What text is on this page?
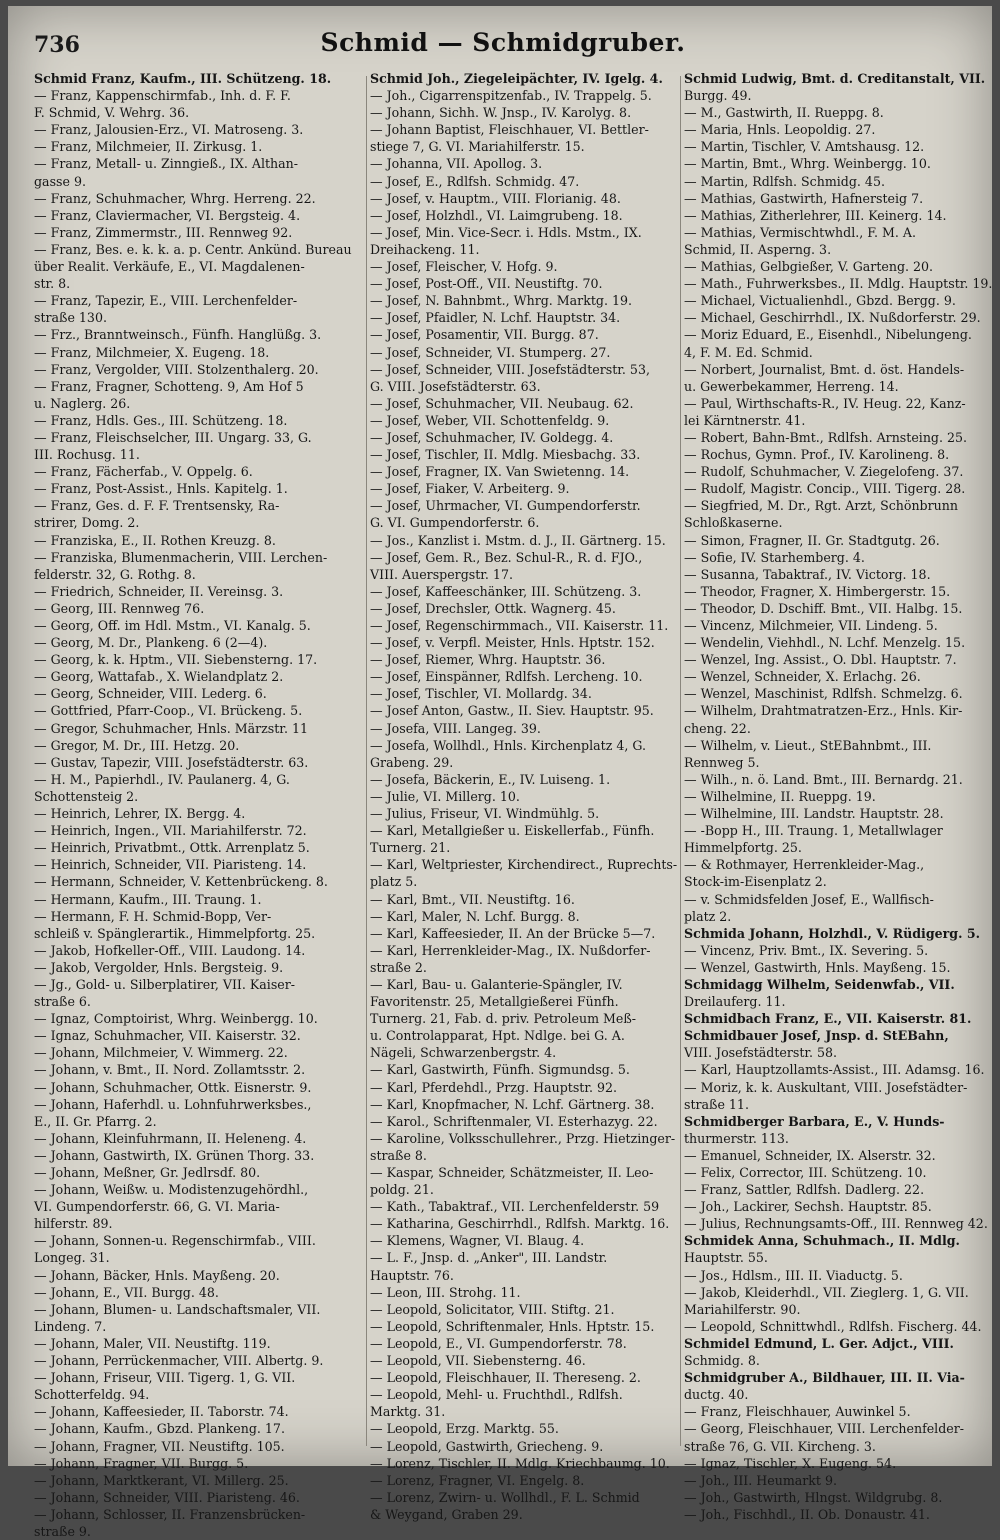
736	Schmid — Schmidgruber.

Schmid Franz, Kaufm., III. Schützeng. 18.

— Franz, Kappenschirmfab., Inh. d. F. F.

F. Schmid, V. Wehrg. 36.

— Franz, Jalousien-Erz., VI. Matroseng. 3.

— Franz, Milchmeier, II. Zirkusg. 1.

— Franz, Metall- u. Zinngieß., IX. Althan-

gasse 9.

— Franz, Schuhmacher, Whrg. Herreng. 22.

— Franz, Claviermacher, VI. Bergsteig. 4.

— Franz, Zimmermstr., III. Rennweg 92.

— Franz, Bes. e. k. k. a. p. Centr. Ankünd. Bureau

über Realit. Verkäufe, E., VI. Magdalenen-

str. 8.

— Franz, Tapezir, E., VIII. Lerchenfelder-

straße 130.

— Frz., Branntweinsch., Fünfh. Hanglüßg. 3.

— Franz, Milchmeier, X. Eugeng. 18.

— Franz, Vergolder, VIII. Stolzenthalerg. 20.

— Franz, Fragner, Schotteng. 9, Am Hof 5

u. Naglerg. 26.

— Franz, Hdls. Ges., III. Schützeng. 18.

— Franz, Fleischselcher, III. Ungarg. 33, G.

III. Rochusg. 11.

— Franz, Fächerfab., V. Oppelg. 6.

— Franz, Post-Assist., Hnls. Kapitelg. 1.

— Franz, Ges. d. F. F. Trentsensky, Ra-

strirer, Domg. 2.

— Franziska, E., II. Rothen Kreuzg. 8.

— Franziska, Blumenmacherin, VIII. Lerchen-

felderstr. 32, G. Rothg. 8.

— Friedrich, Schneider, II. Vereinsg. 3.

— Georg, III. Rennweg 76.

— Georg, Off. im Hdl. Mstm., VI. Kanalg. 5.

— Georg, M. Dr., Plankeng. 6 (2—4).

— Georg, k. k. Hptm., VII. Siebensterng. 17.

— Georg, Wattafab., X. Wielandplatz 2.

— Georg, Schneider, VIII. Lederg. 6.

— Gottfried, Pfarr-Coop., VI. Brückeng. 5.

— Gregor, Schuhmacher, Hnls. Märzstr. 11

— Gregor, M. Dr., III. Hetzg. 20.

— Gustav, Tapezir, VIII. Josefstädterstr. 63.

— H. M., Papierhdl., IV. Paulanerg. 4, G.

Schottensteig 2.

— Heinrich, Lehrer, IX. Bergg. 4.

— Heinrich, Ingen., VII. Mariahilferstr. 72.

— Heinrich, Privatbmt., Ottk. Arrenplatz 5.

— Heinrich, Schneider, VII. Piaristeng. 14.

— Hermann, Schneider, V. Kettenbrückeng. 8.

— Hermann, Kaufm., III. Traung. 1.

— Hermann, F. H. Schmid-Bopp, Ver-

schleiß v. Spänglerartik., Himmelpfortg. 25.

— Jakob, Hofkeller-Off., VIII. Laudong. 14.

— Jakob, Vergolder, Hnls. Bergsteig. 9.

— Jg., Gold- u. Silberplatirer, VII. Kaiser-

straße 6.

— Ignaz, Comptoirist, Whrg. Weinbergg. 10.

— Ignaz, Schuhmacher, VII. Kaiserstr. 32.

— Johann, Milchmeier, V. Wimmerg. 22.

— Johann, v. Bmt., II. Nord. Zollamtsstr. 2.

— Johann, Schuhmacher, Ottk. Eisnerstr. 9.

— Johann, Haferhdl. u. Lohnfuhrwerksbes.,

E., II. Gr. Pfarrg. 2.

— Johann, Kleinfuhrmann, II. Heleneng. 4.

— Johann, Gastwirth, IX. Grünen Thorg. 33.

— Johann, Meßner, Gr. Jedlrsdf. 80.

— Johann, Weißw. u. Modistenzugehördhl.,

VI. Gumpendorferstr. 66, G. VI. Maria-

hilferstr. 89.

— Johann, Sonnen-u. Regenschirmfab., VIII.

Longeg. 31.

— Johann, Bäcker, Hnls. Mayßeng. 20.

— Johann, E., VII. Burgg. 48.

— Johann, Blumen- u. Landschaftsmaler, VII.

Lindeng. 7.

— Johann, Maler, VII. Neustiftg. 119.

— Johann, Perrückenmacher, VIII. Albertg. 9.

— Johann, Friseur, VIII. Tigerg. 1, G. VII.

Schotterfeldg. 94.

— Johann, Kaffeesieder, II. Taborstr. 74.

— Johann, Kaufm., Gbzd. Plankeng. 17.

— Johann, Fragner, VII. Neustiftg. 105.

— Johann, Fragner, VII. Burgg. 5.

— Johann, Marktkerant, VI. Millerg. 25.

— Johann, Schneider, VIII. Piaristeng. 46.

— Johann, Schlosser, II. Franzensbrücken-

straße 9.

Schmid Joh., Ziegeleipächter, IV. Igelg. 4.

— Joh., Cigarrenspitzenfab., IV. Trappelg. 5.

— Johann, Sichh. W. Jnsp., IV. Karolyg. 8.

— Johann Baptist, Fleischhauer, VI. Bettler-

stiege 7, G. VI. Mariahilferstr. 15.

— Johanna, VII. Apollog. 3.

— Josef, E., Rdlfsh. Schmidg. 47.

— Josef, v. Hauptm., VIII. Florianig. 48.

— Josef, Holzhdl., VI. Laimgrubeng. 18.

— Josef, Min. Vice-Secr. i. Hdls. Mstm., IX.

Dreihackeng. 11.

— Josef, Fleischer, V. Hofg. 9.

— Josef, Post-Off., VII. Neustiftg. 70.

— Josef, N. Bahnbmt., Whrg. Marktg. 19.

— Josef, Pfaidler, N. Lchf. Hauptstr. 34.

— Josef, Posamentir, VII. Burgg. 87.

— Josef, Schneider, VI. Stumperg. 27.

— Josef, Schneider, VIII. Josefstädterstr. 53,

G. VIII. Josefstädterstr. 63.

— Josef, Schuhmacher, VII. Neubaug. 62.

— Josef, Weber, VII. Schottenfeldg. 9.

— Josef, Schuhmacher, IV. Goldegg. 4.

— Josef, Tischler, II. Mdlg. Miesbachg. 33.

— Josef, Fragner, IX. Van Swietenng. 14.

— Josef, Fiaker, V. Arbeiterg. 9.

— Josef, Uhrmacher, VI. Gumpendorferstr.

G. VI. Gumpendorferstr. 6.

— Jos., Kanzlist i. Mstm. d. J., II. Gärtnerg. 15.

— Josef, Gem. R., Bez. Schul-R., R. d. FJO.,

VIII. Auerspergstr. 17.

— Josef, Kaffeeschänker, III. Schützeng. 3.

— Josef, Drechsler, Ottk. Wagnerg. 45.

— Josef, Regenschirmmach., VII. Kaiserstr. 11.

— Josef, v. Verpfl. Meister, Hnls. Hptstr. 152.

— Josef, Riemer, Whrg. Hauptstr. 36.

— Josef, Einspänner, Rdlfsh. Lercheng. 10.

— Josef, Tischler, VI. Mollardg. 34.

— Josef Anton, Gastw., II. Siev. Hauptstr. 95.

— Josefa, VIII. Langeg. 39.

— Josefa, Wollhdl., Hnls. Kirchenplatz 4, G.

Grabeng. 29.

— Josefa, Bäckerin, E., IV. Luiseng. 1.

— Julie, VI. Millerg. 10.

— Julius, Friseur, VI. Windmühlg. 5.

— Karl, Metallgießer u. Eiskellerfab., Fünfh.

Turnerg. 21.

— Karl, Weltpriester, Kirchendirect., Ruprechts-

platz 5.

— Karl, Bmt., VII. Neustiftg. 16.

— Karl, Maler, N. Lchf. Burgg. 8.

— Karl, Kaffeesieder, II. An der Brücke 5—7.

— Karl, Herrenkleider-Mag., IX. Nußdorfer-

straße 2.

— Karl, Bau- u. Galanterie-Spängler, IV.

Favoritenstr. 25, Metallgießerei Fünfh.

Turnerg. 21, Fab. d. priv. Petroleum Meß-

u. Controlapparat, Hpt. Ndlge. bei G. A.

Nägeli, Schwarzenbergstr. 4.

— Karl, Gastwirth, Fünfh. Sigmundsg. 5.

— Karl, Pferdehdl., Przg. Hauptstr. 92.

— Karl, Knopfmacher, N. Lchf. Gärtnerg. 38.

— Karol., Schriftenmaler, VI. Esterhazyg. 22.

— Karoline, Volksschullehrer., Przg. Hietzinger-

straße 8.

— Kaspar, Schneider, Schätzmeister, II. Leo-

poldg. 21.

— Kath., Tabaktraf., VII. Lerchenfelderstr. 59

— Katharina, Geschirrhdl., Rdlfsh. Marktg. 16.

— Klemens, Wagner, VI. Blaug. 4.

— L. F., Jnsp. d. „Anker", III. Landstr.

Hauptstr. 76.

— Leon, III. Strohg. 11.

— Leopold, Solicitator, VIII. Stiftg. 21.

— Leopold, Schriftenmaler, Hnls. Hptstr. 15.

— Leopold, E., VI. Gumpendorferstr. 78.

— Leopold, VII. Siebensterng. 46.

— Leopold, Fleischhauer, II. Thereseng. 2.

— Leopold, Mehl- u. Fruchthdl., Rdlfsh.

Marktg. 31.

— Leopold, Erzg. Marktg. 55.

— Leopold, Gastwirth, Griecheng. 9.

— Lorenz, Tischler, II. Mdlg. Kriechbaumg. 10.

— Lorenz, Fragner, VI. Engelg. 8.

— Lorenz, Zwirn- u. Wollhdl., F. L. Schmid

& Weygand, Graben 29.

Schmid Ludwig, Bmt. d. Creditanstalt, VII.

Burgg. 49.

— M., Gastwirth, II. Rueppg. 8.

— Maria, Hnls. Leopoldig. 27.

— Martin, Tischler, V. Amtshausg. 12.

— Martin, Bmt., Whrg. Weinbergg. 10.

— Martin, Rdlfsh. Schmidg. 45.

— Mathias, Gastwirth, Hafnersteig 7.

— Mathias, Zitherlehrer, III. Keinerg. 14.

— Mathias, Vermischtwhdl., F. M. A.

Schmid, II. Asperng. 3.

— Mathias, Gelbgießer, V. Garteng. 20.

— Math., Fuhrwerksbes., II. Mdlg. Hauptstr. 19.

— Michael, Victualienhdl., Gbzd. Bergg. 9.

— Michael, Geschirrhdl., IX. Nußdorferstr. 29.

— Moriz Eduard, E., Eisenhdl., Nibelungeng.

4, F. M. Ed. Schmid.

— Norbert, Journalist, Bmt. d. öst. Handels-

u. Gewerbekammer, Herreng. 14.

— Paul, Wirthschafts-R., IV. Heug. 22, Kanz-

lei Kärntnerstr. 41.

— Robert, Bahn-Bmt., Rdlfsh. Arnsteing. 25.

— Rochus, Gymn. Prof., IV. Karolineng. 8.

— Rudolf, Schuhmacher, V. Ziegelofeng. 37.

— Rudolf, Magistr. Concip., VIII. Tigerg. 28.

— Siegfried, M. Dr., Rgt. Arzt, Schönbrunn

Schloßkaserne.

— Simon, Fragner, II. Gr. Stadtgutg. 26.

— Sofie, IV. Starhemberg. 4.

— Susanna, Tabaktraf., IV. Victorg. 18.

— Theodor, Fragner, X. Himbergerstr. 15.

— Theodor, D. Dschiff. Bmt., VII. Halbg. 15.

— Vincenz, Milchmeier, VII. Lindeng. 5.

— Wendelin, Viehhdl., N. Lchf. Menzelg. 15.

— Wenzel, Ing. Assist., O. Dbl. Hauptstr. 7.

— Wenzel, Schneider, X. Erlachg. 26.

— Wenzel, Maschinist, Rdlfsh. Schmelzg. 6.

— Wilhelm, Drahtmatratzen-Erz., Hnls. Kir-

cheng. 22.

— Wilhelm, v. Lieut., StEBahnbmt., III.

Rennweg 5.

— Wilh., n. ö. Land. Bmt., III. Bernardg. 21.

— Wilhelmine, II. Rueppg. 19.

— Wilhelmine, III. Landstr. Hauptstr. 28.

— -Bopp H., III. Traung. 1, Metallwlager

Himmelpfortg. 25.

— & Rothmayer, Herrenkleider-Mag.,

Stock-im-Eisenplatz 2.

— v. Schmidsfelden Josef, E., Wallfisch-

platz 2.

Schmida Johann, Holzhdl., V. Rüdigerg. 5.

— Vincenz, Priv. Bmt., IX. Severing. 5.

— Wenzel, Gastwirth, Hnls. Mayßeng. 15.

Schmidagg Wilhelm, Seidenwfab., VII.

Dreilauferg. 11.

Schmidbach Franz, E., VII. Kaiserstr. 81.

Schmidbauer Josef, Jnsp. d. StEBahn,

VIII. Josefstädterstr. 58.

— Karl, Hauptzollamts-Assist., III. Adamsg. 16.

— Moriz, k. k. Auskultant, VIII. Josefstädter-

straße 11.

Schmidberger Barbara, E., V. Hunds-

thurmerstr. 113.

— Emanuel, Schneider, IX. Alserstr. 32.

— Felix, Corrector, III. Schützeng. 10.

— Franz, Sattler, Rdlfsh. Dadlerg. 22.

— Joh., Lackirer, Sechsh. Hauptstr. 85.

— Julius, Rechnungsamts-Off., III. Rennweg 42.

Schmidek Anna, Schuhmach., II. Mdlg.

Hauptstr. 55.

— Jos., Hdlsm., III. II. Viaductg. 5.

— Jakob, Kleiderhdl., VII. Zieglerg. 1, G. VII.

Mariahilferstr. 90.

— Leopold, Schnittwhdl., Rdlfsh. Fischerg. 44.

Schmidel Edmund, L. Ger. Adjct., VIII.

Schmidg. 8.

Schmidgruber A., Bildhauer, III. II. Via-

ductg. 40.

— Franz, Fleischhauer, Auwinkel 5.

— Georg, Fleischhauer, VIII. Lerchenfelder-

straße 76, G. VII. Kircheng. 3.

— Ignaz, Tischler, X. Eugeng. 54.

— Joh., III. Heumarkt 9.

— Joh., Gastwirth, Hlngst. Wildgrubg. 8.

— Joh., Fischhdl., II. Ob. Donaustr. 41.
